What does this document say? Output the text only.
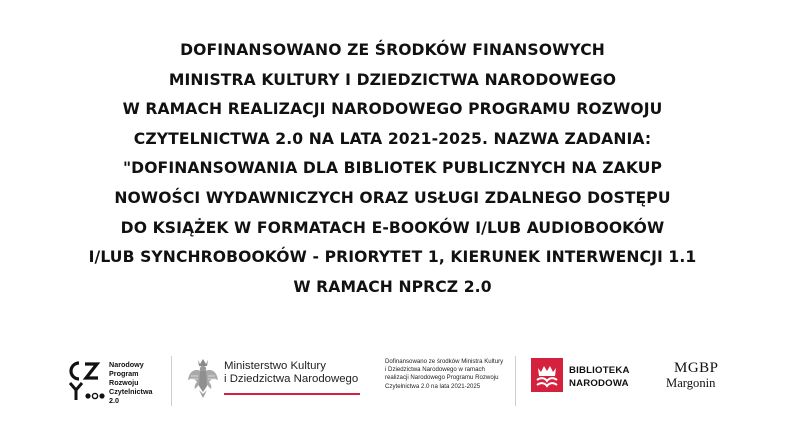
DOFINANSOWANO ZE ŚRODKÓW FINANSOWYCH
MINISTRA KULTURY I DZIEDZICTWA NARODOWEGO
W RAMACH REALIZACJI NARODOWEGO PROGRAMU ROZWOJU
CZYTELNICTWA 2.0 NA LATA 2021-2025. NAZWA ZADANIA:
"DOFINANSOWANIA DLA BIBLIOTEK PUBLICZNYCH NA ZAKUP
NOWOŚCI WYDAWNICZYCH ORAZ USŁUGI ZDALNEGO DOSTĘPU
DO KSIĄŻEK W FORMATACH E-BOOKÓW I/LUB AUDIOBOOKÓW
I/LUB SYNCHROBOOKÓW - PRIORYTET 1, KIERUNEK INTERWENCJI 1.1
W RAMACH NPRCZ 2.0
Narodowy
Program
Rozwoju
Czytelnictwa
2.0
Ministerstwo Kultury
i Dziedzictwa Narodowego
Dofinansowano ze środków Ministra Kultury
i Dziedzictwa Narodowego w ramach
realizacji Narodowego Programu Rozwoju
Czytelnictwa 2.0 na lata 2021-2025
BIBLIOTEKA
NARODOWA
MGBP
Margonin
